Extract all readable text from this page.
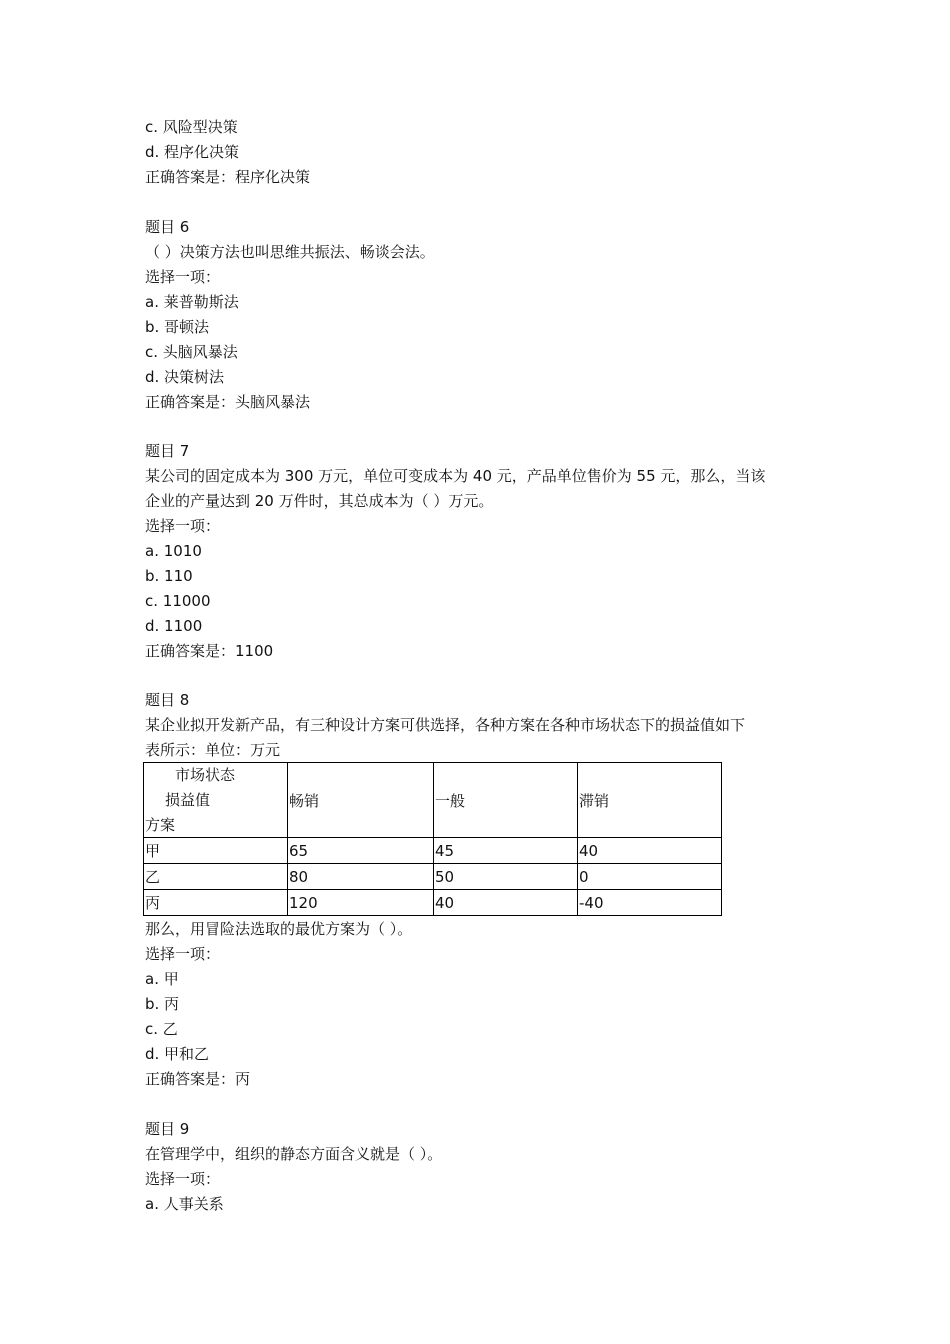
c. 风险型决策
d. 程序化决策
正确答案是：程序化决策
题目 6
（ ）决策方法也叫思维共振法、畅谈会法。
选择一项：
a. 莱普勒斯法
b. 哥顿法
c. 头脑风暴法
d. 决策树法
正确答案是：头脑风暴法
题目 7
某公司的固定成本为 300 万元，单位可变成本为 40 元，产品单位售价为 55 元，那么，当该
企业的产量达到 20 万件时，其总成本为（ ）万元。
选择一项：
a. 1010
b. 110
c. 11000
d. 1100
正确答案是：1100
题目 8
某企业拟开发新产品，有三种设计方案可供选择，各种方案在各种市场状态下的损益值如下
表所示：单位：万元
市场状态
损益值
方案	畅销	一般	滞销
甲	65	45	40
乙	80	50	0
丙	120	40	-40
那么，用冒险法选取的最优方案为（ ）。
选择一项：
a. 甲
b. 丙
c. 乙
d. 甲和乙
正确答案是：丙
题目 9
在管理学中，组织的静态方面含义就是（ ）。
选择一项：
a. 人事关系
